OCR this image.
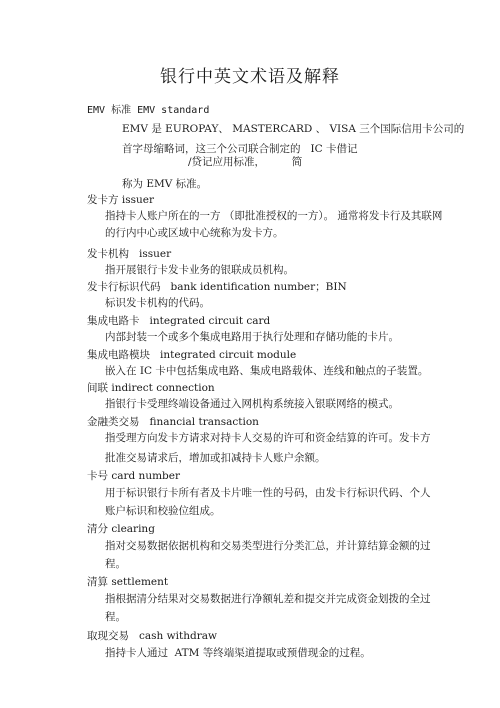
银行中英文术语及解释
EMV 标准 EMV standard
EMV 是 EUROPAY、 MASTERCARD 、 VISA 三个国际信用卡公司的
首字母缩略词，这三个公司联合制定的   IC 卡借记
/贷记应用标准，        简
称为 EMV 标准。
发卡方 issuer
指持卡人账户所在的一方 （即批准授权的一方）。 通常将发卡行及其联网
的行内中心或区域中心统称为发卡方。
发卡机构   issuer
指开展银行卡发卡业务的银联成员机构。
发卡行标识代码   bank identification number；BIN
标识发卡机构的代码。
集成电路卡   integrated circuit card
内部封装一个或多个集成电路用于执行处理和存储功能的卡片。
集成电路模块   integrated circuit module
嵌入在 IC 卡中包括集成电路、集成电路载体、连线和触点的子装置。
间联 indirect connection
指银行卡受理终端设备通过入网机构系统接入银联网络的模式。
金融类交易   financial transaction
指受理方向发卡方请求对持卡人交易的许可和资金结算的许可。发卡方
批准交易请求后，增加或扣减持卡人账户余额。
卡号 card number
用于标识银行卡所有者及卡片唯一性的号码，由发卡行标识代码、个人
账户标识和校验位组成。
清分 clearing
指对交易数据依据机构和交易类型进行分类汇总，并计算结算金额的过
程。
清算 settlement
指根据清分结果对交易数据进行净额轧差和提交并完成资金划拨的全过
程。
取现交易   cash withdraw
指持卡人通过  ATM 等终端渠道提取或预借现金的过程。
